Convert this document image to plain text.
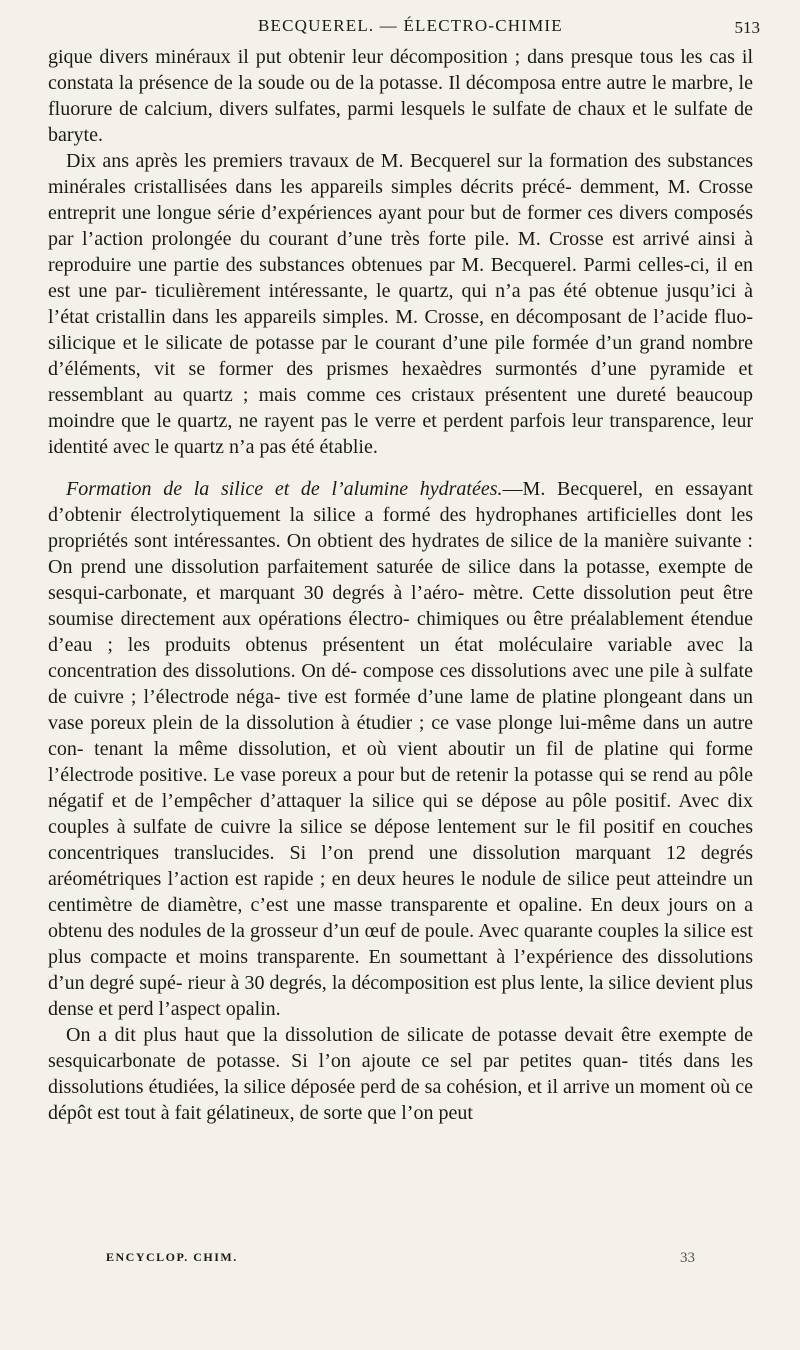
BECQUEREL. — ÉLECTRO-CHIMIE	513

gique divers minéraux il put obtenir leur décomposition ; dans presque tous les cas il constata la présence de la soude ou de la potasse. Il décomposa entre autre le marbre, le fluorure de calcium, divers sulfates, parmi lesquels le sulfate de chaux et le sulfate de baryte.

Dix ans après les premiers travaux de M. Becquerel sur la formation des substances minérales cristallisées dans les appareils simples décrits précé- demment, M. Crosse entreprit une longue série d’expériences ayant pour but de former ces divers composés par l’action prolongée du courant d’une très forte pile. M. Crosse est arrivé ainsi à reproduire une partie des substances obtenues par M. Becquerel. Parmi celles-ci, il en est une par- ticulièrement intéressante, le quartz, qui n’a pas été obtenue jusqu’ici à l’état cristallin dans les appareils simples. M. Crosse, en décomposant de l’acide fluo-silicique et le silicate de potasse par le courant d’une pile formée d’un grand nombre d’éléments, vit se former des prismes hexaèdres surmontés d’une pyramide et ressemblant au quartz ; mais comme ces cristaux présentent une dureté beaucoup moindre que le quartz, ne rayent pas le verre et perdent parfois leur transparence, leur identité avec le quartz n’a pas été établie.

Formation de la silice et de l’alumine hydratées.—M. Becquerel, en essayant d’obtenir électrolytiquement la silice a formé des hydrophanes artificielles dont les propriétés sont intéressantes. On obtient des hydrates de silice de la manière suivante : On prend une dissolution parfaitement saturée de silice dans la potasse, exempte de sesqui-carbonate, et marquant 30 degrés à l’aéro- mètre. Cette dissolution peut être soumise directement aux opérations électro- chimiques ou être préalablement étendue d’eau ; les produits obtenus présentent un état moléculaire variable avec la concentration des dissolutions. On dé- compose ces dissolutions avec une pile à sulfate de cuivre ; l’électrode néga- tive est formée d’une lame de platine plongeant dans un vase poreux plein de la dissolution à étudier ; ce vase plonge lui-même dans un autre con- tenant la même dissolution, et où vient aboutir un fil de platine qui forme l’électrode positive. Le vase poreux a pour but de retenir la potasse qui se rend au pôle négatif et de l’empêcher d’attaquer la silice qui se dépose au pôle positif. Avec dix couples à sulfate de cuivre la silice se dépose lentement sur le fil positif en couches concentriques translucides. Si l’on prend une dissolution marquant 12 degrés aréométriques l’action est rapide ; en deux heures le nodule de silice peut atteindre un centimètre de diamètre, c’est une masse transparente et opaline. En deux jours on a obtenu des nodules de la grosseur d’un œuf de poule. Avec quarante couples la silice est plus compacte et moins transparente. En soumettant à l’expérience des dissolutions d’un degré supé- rieur à 30 degrés, la décomposition est plus lente, la silice devient plus dense et perd l’aspect opalin.

On a dit plus haut que la dissolution de silicate de potasse devait être exempte de sesquicarbonate de potasse. Si l’on ajoute ce sel par petites quan- tités dans les dissolutions étudiées, la silice déposée perd de sa cohésion, et il arrive un moment où ce dépôt est tout à fait gélatineux, de sorte que l’on peut

ENCYCLOP. CHIM.	33
